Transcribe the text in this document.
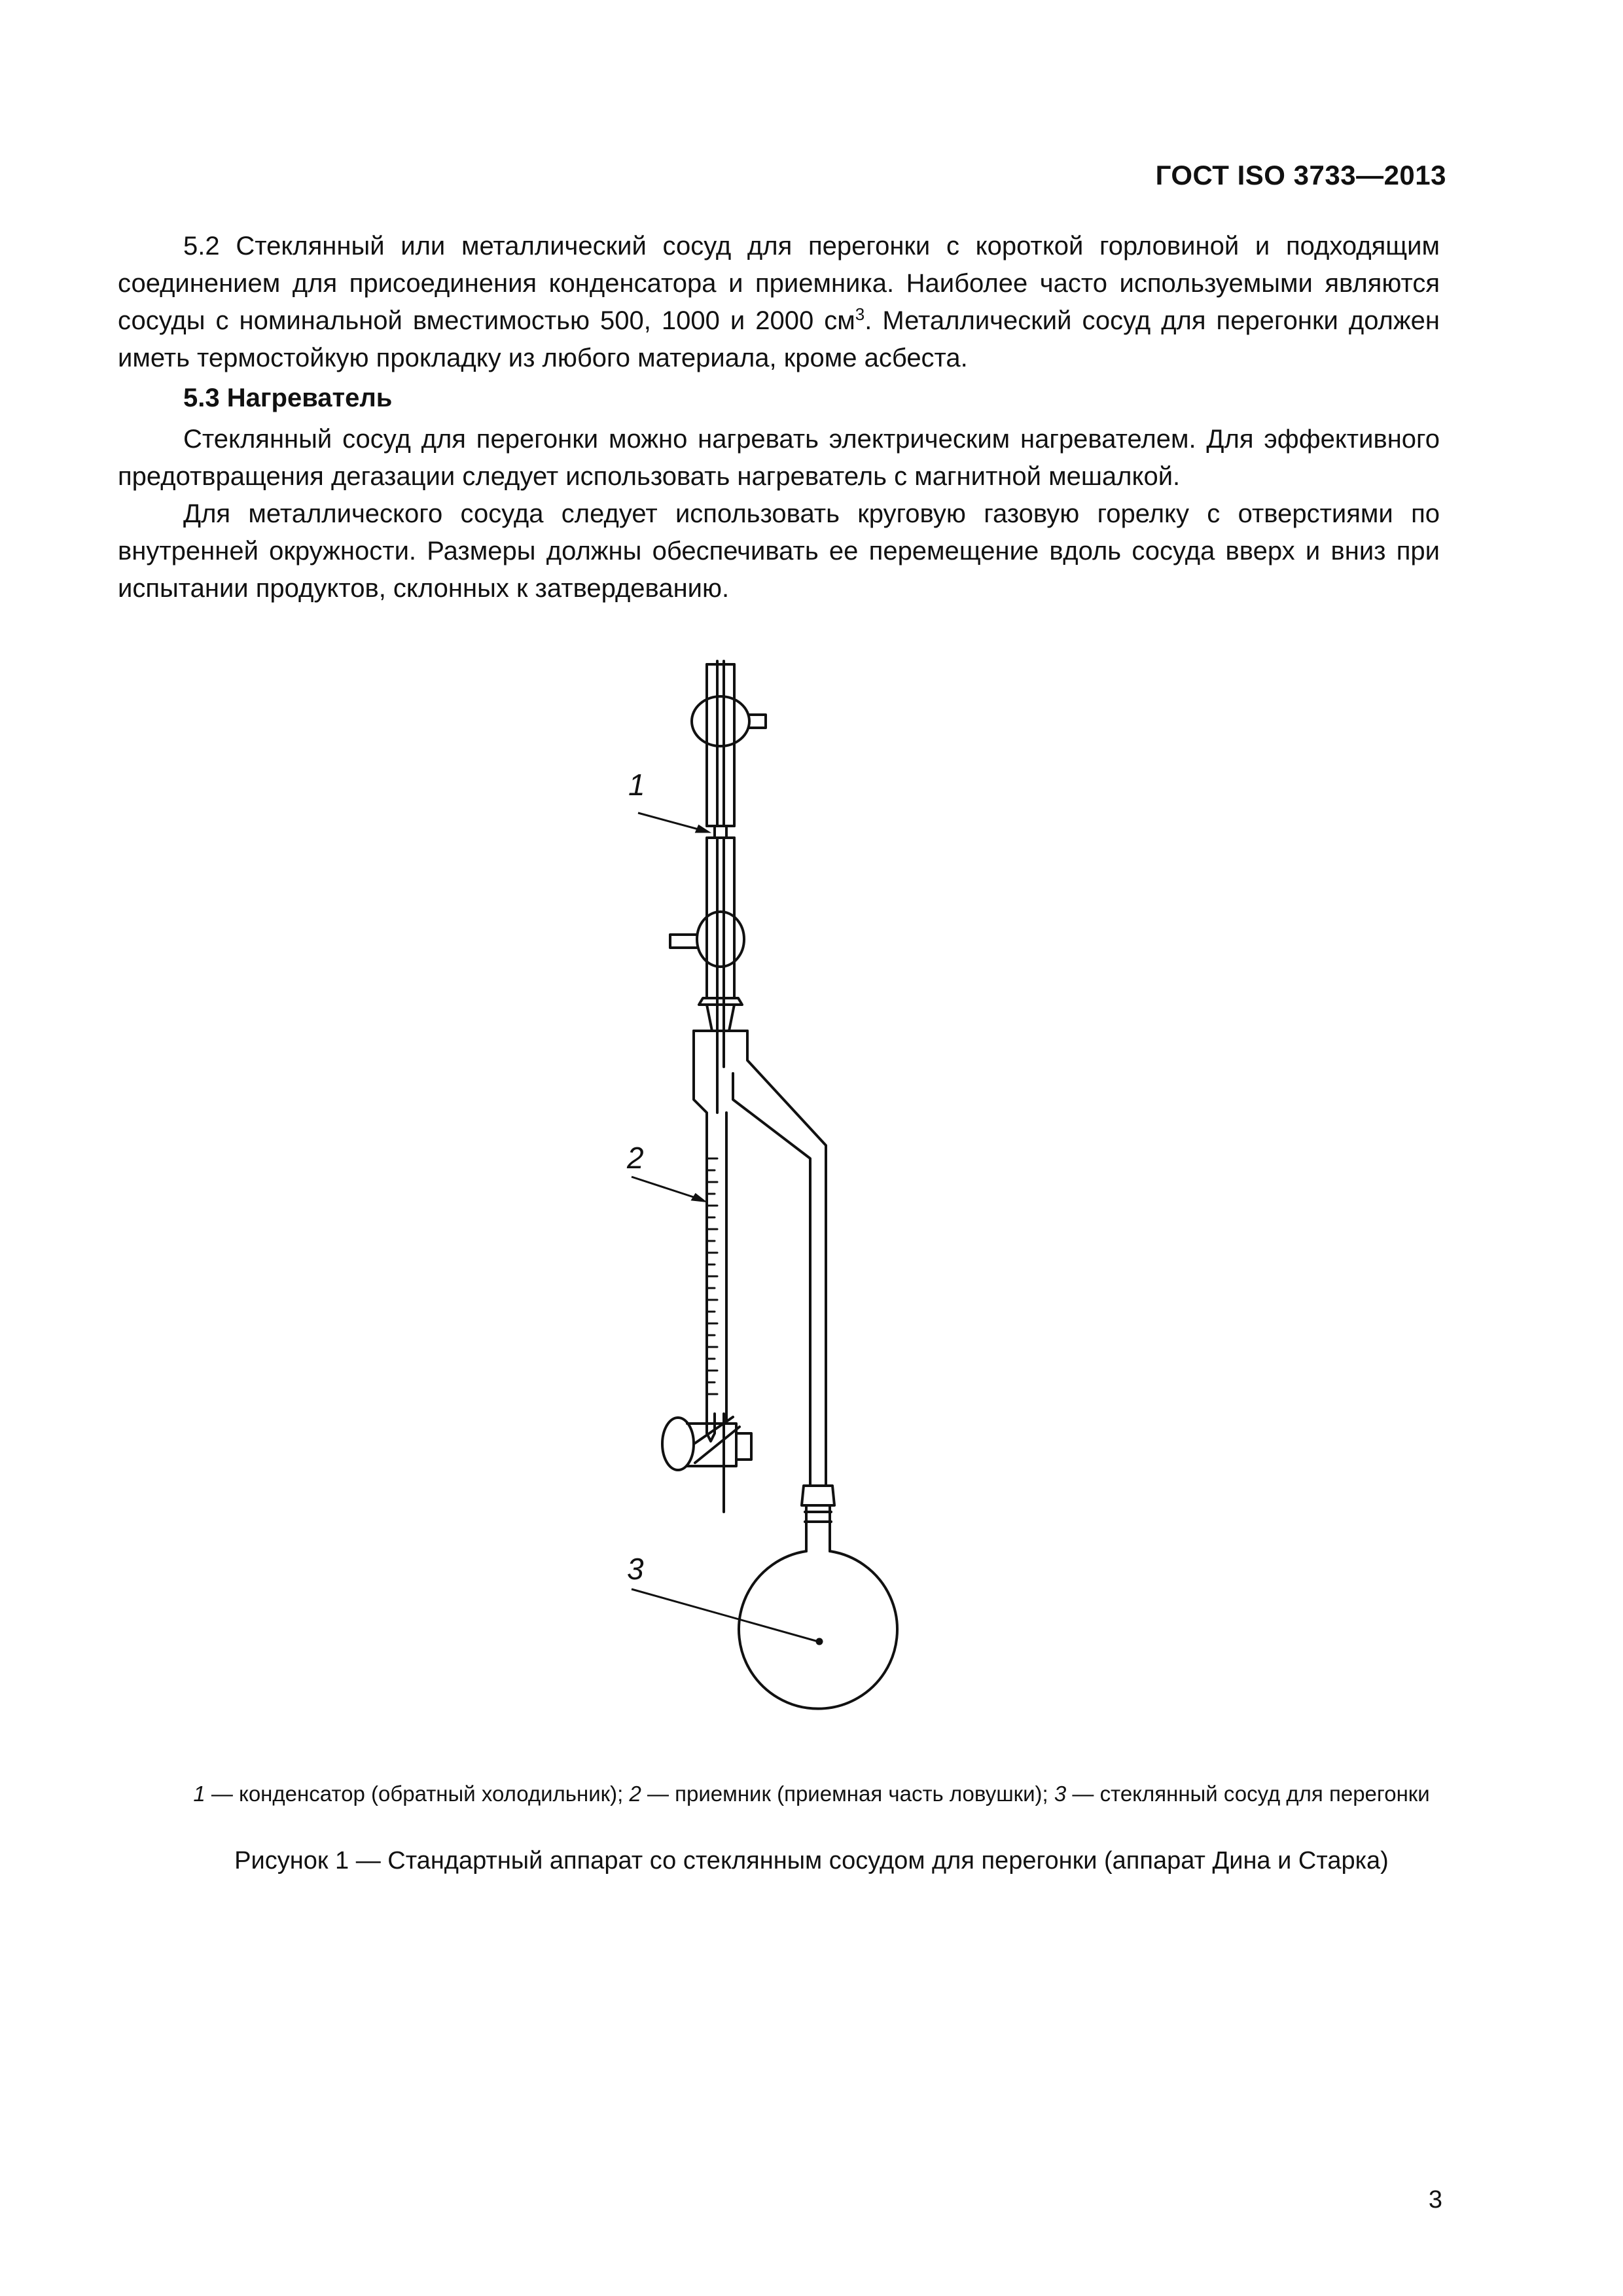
ГОСТ ISO 3733—2013

5.2 Стеклянный или металлический сосуд для перегонки с короткой горловиной и подходящим соединением для присоединения конденсатора и приемника. Наиболее часто используемыми являются сосуды с номинальной вместимостью 500, 1000 и 2000 $см^3$. Металлический сосуд для перегонки должен иметь термостойкую прокладку из любого материала, кроме асбеста.

5.3 Нагреватель

Стеклянный сосуд для перегонки можно нагревать электрическим нагревателем. Для эффективного предотвращения дегазации следует использовать нагреватель с магнитной мешалкой.

Для металлического сосуда следует использовать круговую газовую горелку с отверстиями по внутренней окружности. Размеры должны обеспечивать ее перемещение вдоль сосуда вверх и вниз при испытании продуктов, склонных к затвердеванию.

1
2
3
1 — конденсатор (обратный холодильник); 2 — приемник (приемная часть ловушки); 3 — стеклянный сосуд для перегонки
Рисунок 1 — Стандартный аппарат со стеклянным сосудом для перегонки (аппарат Дина и Старка)
3
